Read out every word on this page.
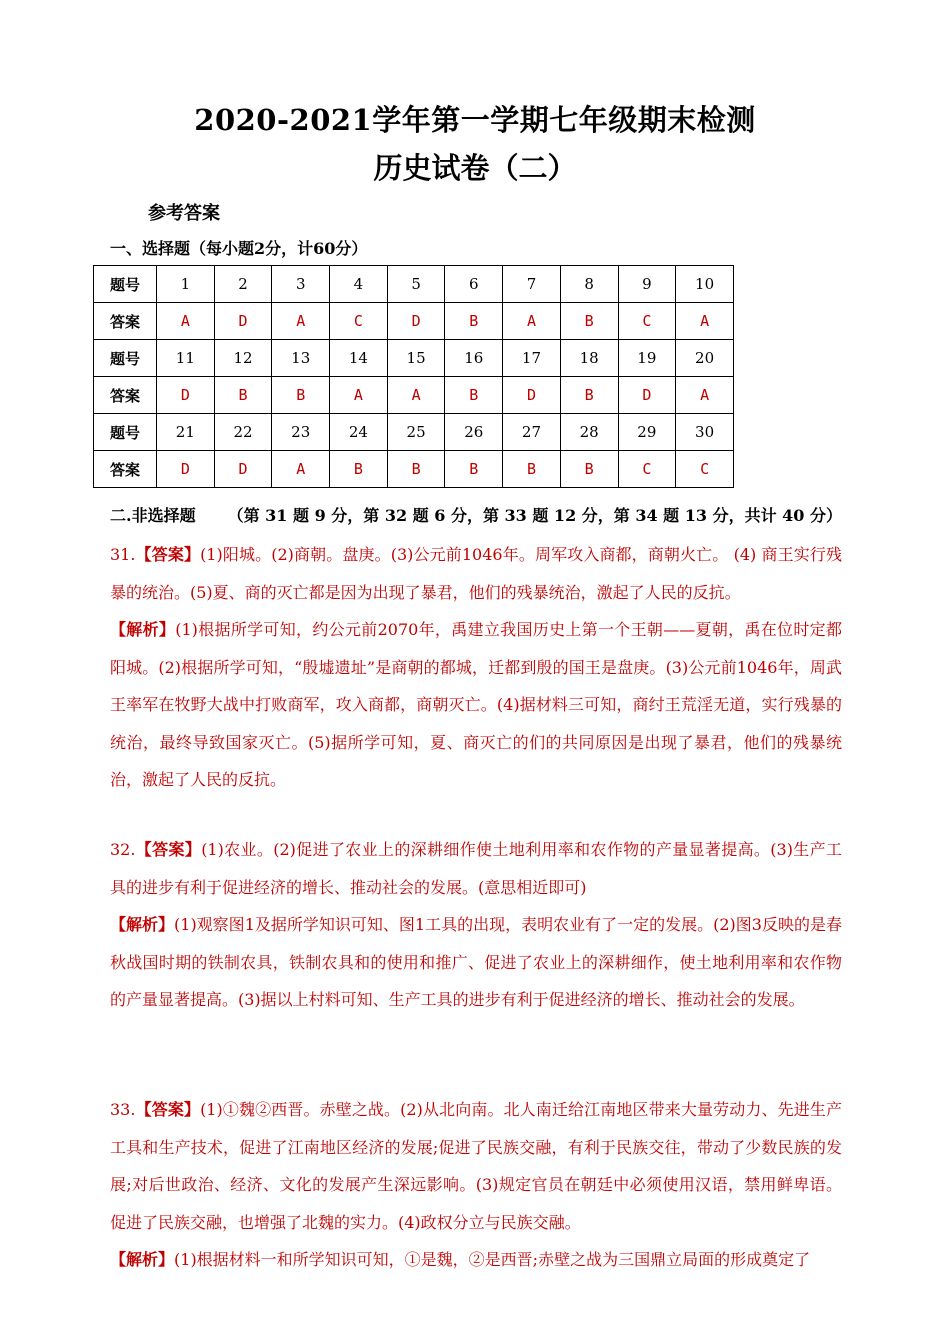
2020-2021学年第一学期七年级期末检测
历史试卷（二）
参考答案
一、选择题（每小题2分，计60分）
题号	1	2	3	4	5	6	7	8	9	10
答案	A	D	A	C	D	B	A	B	C	A
题号	11	12	13	14	15	16	17	18	19	20
答案	D	B	B	A	A	B	D	B	D	A
题号	21	22	23	24	25	26	27	28	29	30
答案	D	D	A	B	B	B	B	B	C	C
二.非选择题 （第 31 题 9 分，第 32 题 6 分，第 33 题 12 分，第 34 题 13 分，共计 40 分）

31.【答案】(1)阳城。(2)商朝。盘庚。(3)公元前1046年。周军攻入商都，商朝火亡。 (4) 商王实行残暴的统治。(5)夏、商的灭亡都是因为出现了暴君，他们的残暴统治，激起了人民的反抗。

【解析】(1)根据所学可知，约公元前2070年，禹建立我国历史上第一个王朝——夏朝，禹在位时定都阳城。(2)根据所学可知，“殷墟遗址”是商朝的都城，迁都到殷的国王是盘庚。(3)公元前1046年，周武王率军在牧野大战中打败商军，攻入商都，商朝灭亡。(4)据材料三可知，商纣王荒淫无道，实行残暴的统治，最终导致国家灭亡。(5)据所学可知，夏、商灭亡的们的共同原因是出现了暴君，他们的残暴统治，激起了人民的反抗。

32.【答案】(1)农业。(2)促进了农业上的深耕细作使土地利用率和农作物的产量显著提高。(3)生产工具的进步有利于促进经济的增长、推动社会的发展。(意思相近即可)

【解析】(1)观察图1及据所学知识可知、图1工具的出现，表明农业有了一定的发展。(2)图3反映的是春秋战国时期的铁制农具，铁制农具和的使用和推广、促进了农业上的深耕细作，使土地利用率和农作物的产量显著提高。(3)据以上村料可知、生产工具的进步有利于促进经济的增长、推动社会的发展。

33.【答案】(1)①魏②西晋。赤壁之战。(2)从北向南。北人南迁给江南地区带来大量劳动力、先进生产工具和生产技术，促进了江南地区经济的发展;促进了民族交融，有利于民族交往，带动了少数民族的发展;对后世政治、经济、文化的发展产生深远影响。(3)规定官员在朝廷中必须使用汉语，禁用鲜卑语。促进了民族交融，也增强了北魏的实力。(4)政权分立与民族交融。

【解析】(1)根据材料一和所学知识可知，①是魏，②是西晋;赤壁之战为三国鼎立局面的形成奠定了
